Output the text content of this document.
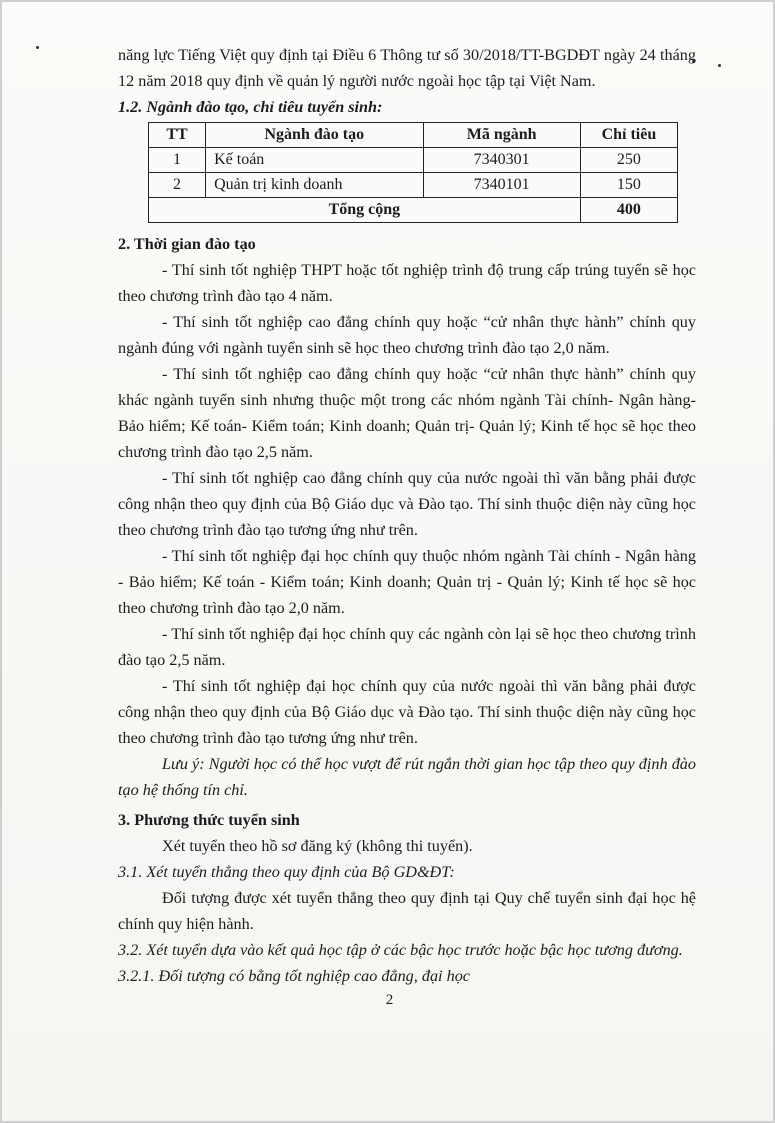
năng lực Tiếng Việt quy định tại Điều 6 Thông tư số 30/2018/TT-BGDĐT ngày 24 tháng 12 năm 2018 quy định về quản lý người nước ngoài học tập tại Việt Nam.

1.2. Ngành đào tạo, chỉ tiêu tuyển sinh:

TT	Ngành đào tạo	Mã ngành	Chỉ tiêu
1	Kế toán	7340301	250
2	Quản trị kinh doanh	7340101	150
Tổng cộng			400

2. Thời gian đào tạo

- Thí sinh tốt nghiệp THPT hoặc tốt nghiệp trình độ trung cấp trúng tuyển sẽ học theo chương trình đào tạo 4 năm.

- Thí sinh tốt nghiệp cao đẳng chính quy hoặc “cử nhân thực hành” chính quy ngành đúng với ngành tuyển sinh sẽ học theo chương trình đào tạo 2,0 năm.

- Thí sinh tốt nghiệp cao đẳng chính quy hoặc “cử nhân thực hành” chính quy khác ngành tuyển sinh nhưng thuộc một trong các nhóm ngành Tài chính- Ngân hàng- Bảo hiểm; Kế toán- Kiểm toán; Kinh doanh; Quản trị- Quản lý; Kinh tế học sẽ học theo chương trình đào tạo 2,5 năm.

- Thí sinh tốt nghiệp cao đẳng chính quy của nước ngoài thì văn bằng phải được công nhận theo quy định của Bộ Giáo dục và Đào tạo. Thí sinh thuộc diện này cũng học theo chương trình đào tạo tương ứng như trên.

- Thí sinh tốt nghiệp đại học chính quy thuộc nhóm ngành Tài chính - Ngân hàng - Bảo hiểm; Kế toán - Kiểm toán; Kinh doanh; Quản trị - Quản lý; Kinh tế học sẽ học theo chương trình đào tạo 2,0 năm.

- Thí sinh tốt nghiệp đại học chính quy các ngành còn lại sẽ học theo chương trình đào tạo 2,5 năm.

- Thí sinh tốt nghiệp đại học chính quy của nước ngoài thì văn bằng phải được công nhận theo quy định của Bộ Giáo dục và Đào tạo. Thí sinh thuộc diện này cũng học theo chương trình đào tạo tương ứng như trên.

Lưu ý: Người học có thể học vượt để rút ngắn thời gian học tập theo quy định đào tạo hệ thống tín chỉ.

3. Phương thức tuyển sinh

Xét tuyển theo hồ sơ đăng ký (không thi tuyển).

3.1. Xét tuyển thẳng theo quy định của Bộ GD&ĐT:

Đối tượng được xét tuyển thẳng theo quy định tại Quy chế tuyển sinh đại học hệ chính quy hiện hành.

3.2. Xét tuyển dựa vào kết quả học tập ở các bậc học trước hoặc bậc học tương đương.

3.2.1. Đối tượng có bằng tốt nghiệp cao đẳng, đại học

2
